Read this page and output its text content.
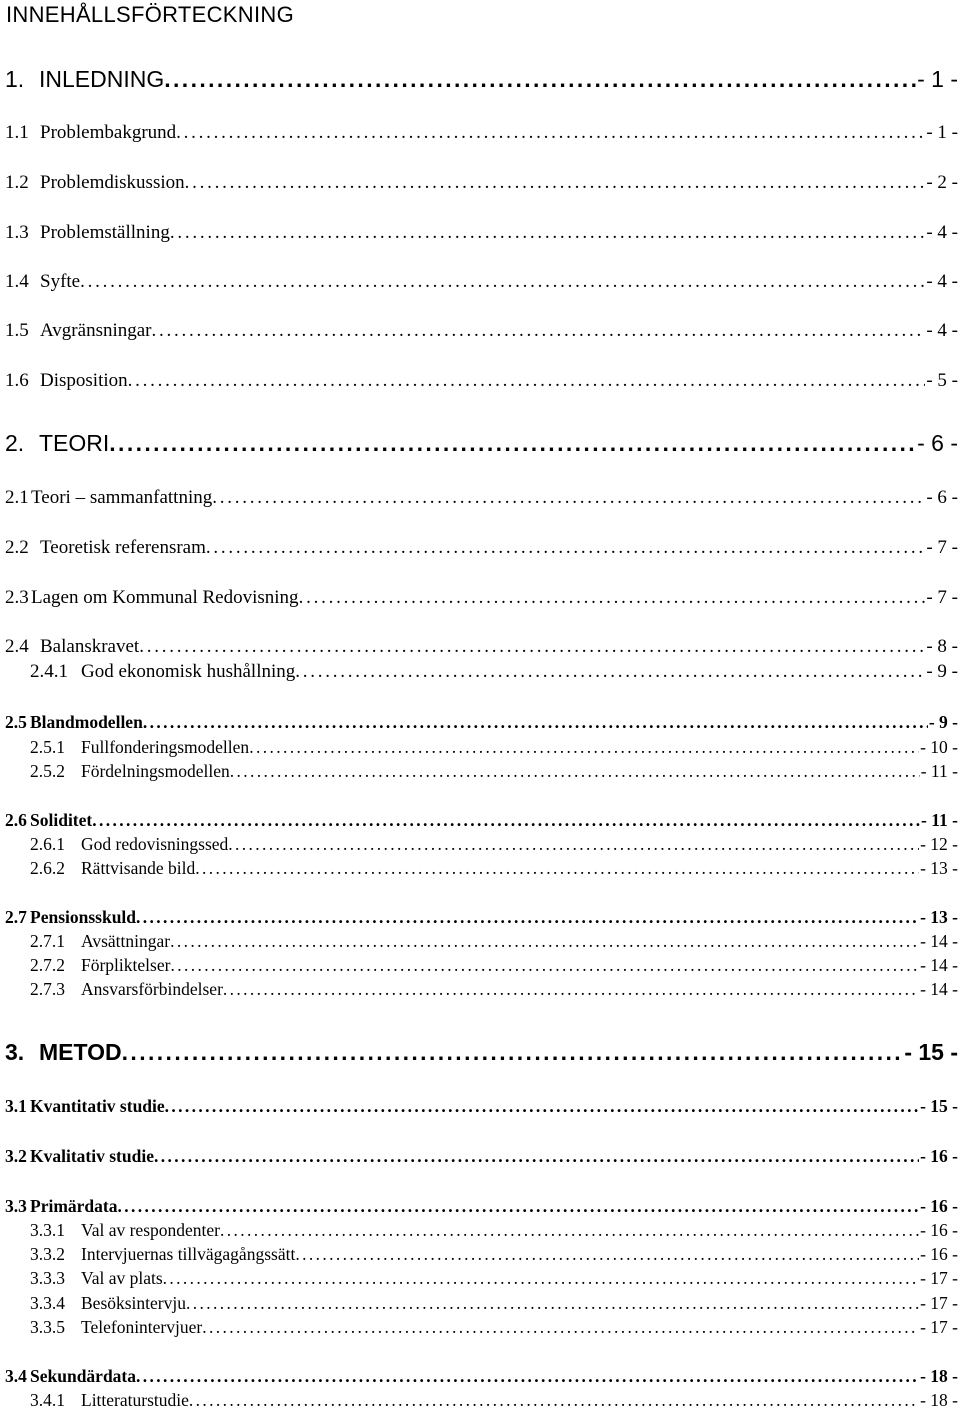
INNEHÅLLSFÖRTECKNING
1. INLEDNING . . .	- 1 -
1.1 Problembakgrund . . .	- 1 -
1.2 Problemdiskussion . . .	- 2 -
1.3 Problemställning . . .	- 4 -
1.4 Syfte . . .	- 4 -
1.5 Avgränsningar . . .	- 4 -
1.6 Disposition . . .	- 5 -
2. TEORI . . .	- 6 -
2.1 Teori – sammanfattning . . .	- 6 -
2.2 Teoretisk referensram . . .	- 7 -
2.3 Lagen om Kommunal Redovisning . . .	- 7 -
2.4 Balanskravet . . .	- 8 -
2.4.1 God ekonomisk hushållning . . .	- 9 -
2.5 Blandmodellen . . .	- 9 -
2.5.1 Fullfonderingsmodellen . . .	- 10 -
2.5.2 Fördelningsmodellen . . .	- 11 -
2.6 Soliditet . . .	- 11 -
2.6.1 God redovisningssed . . .	- 12 -
2.6.2 Rättvisande bild . . .	- 13 -
2.7 Pensionsskuld . . .	- 13 -
2.7.1 Avsättningar . . .	- 14 -
2.7.2 Förpliktelser . . .	- 14 -
2.7.3 Ansvarsförbindelser . . .	- 14 -
3. METOD . . .	- 15 -
3.1 Kvantitativ studie . . .	- 15 -
3.2 Kvalitativ studie . . .	- 16 -
3.3 Primärdata . . .	- 16 -
3.3.1 Val av respondenter . . .	- 16 -
3.3.2 Intervjuernas tillvägagångssätt . . .	- 16 -
3.3.3 Val av plats . . .	- 17 -
3.3.4 Besöksintervju . . .	- 17 -
3.3.5 Telefonintervjuer . . .	- 17 -
3.4 Sekundärdata . . .	- 18 -
3.4.1 Litteraturstudie . . .	- 18 -
